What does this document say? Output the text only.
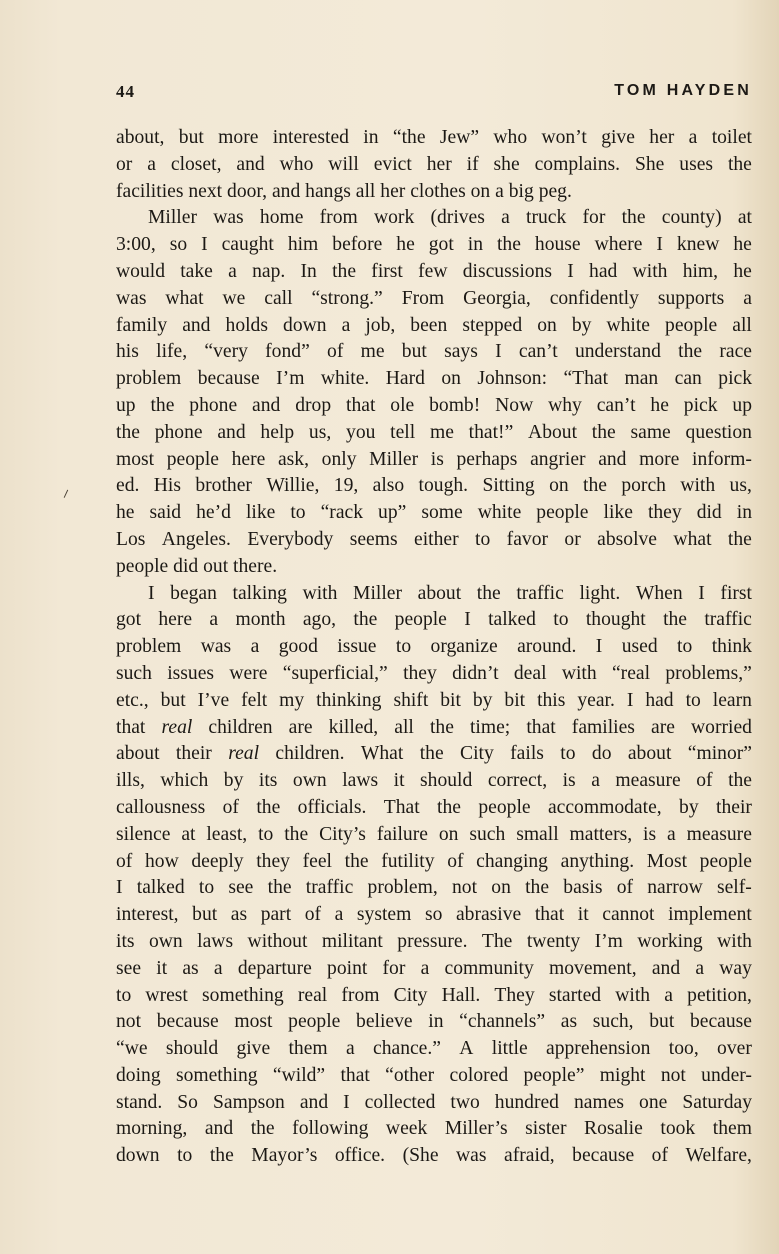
44	TOM HAYDEN
⸝
about, but more interested in “the Jew” who won’t give her a toilet
or a closet, and who will evict her if she complains. She uses the
facilities
next
door,
and
hangs
all
her
clothes
on
a
big
peg.
Miller was home from work (drives a truck for the county) at
3:00, so I caught him before he got in the house where I knew he
would take a nap. In the first few discussions I had with him, he
was what we call “strong.” From Georgia, confidently supports a
family and holds down a job, been stepped on by white people all
his life, “very fond” of me but says I can’t understand the race
problem because I’m white. Hard on Johnson: “That man can pick
up the phone and drop that ole bomb! Now why can’t he pick up
the phone and help us, you tell me that!” About the same question
most people here ask, only Miller is perhaps angrier and more inform-
ed. His brother Willie, 19, also tough. Sitting on the porch with us,
he said he’d like to “rack up” some white people like they did in
Los Angeles. Everybody seems either to favor or absolve what the
people
did
out
there.
I began talking with Miller about the traffic light. When I first
got here a month ago, the people I talked to thought the traffic
problem was a good issue to organize around. I used to think
such issues were “superficial,” they didn’t deal with “real problems,”
etc., but I’ve felt my thinking shift bit by bit this year. I had to learn
that real children are killed, all the time; that families are worried
about their real children. What the City fails to do about “minor”
ills, which by its own laws it should correct, is a measure of the
callousness of the officials. That the people accommodate, by their
silence at least, to the City’s failure on such small matters, is a measure
of how deeply they feel the futility of changing anything. Most people
I talked to see the traffic problem, not on the basis of narrow self-
interest, but as part of a system so abrasive that it cannot implement
its own laws without militant pressure. The twenty I’m working with
see it as a departure point for a community movement, and a way
to wrest something real from City Hall. They started with a petition,
not because most people believe in “channels” as such, but because
“we should give them a chance.” A little apprehension too, over
doing something “wild” that “other colored people” might not under-
stand. So Sampson and I collected two hundred names one Saturday
morning, and the following week Miller’s sister Rosalie took them
down to the Mayor’s office. (She was afraid, because of Welfare,
